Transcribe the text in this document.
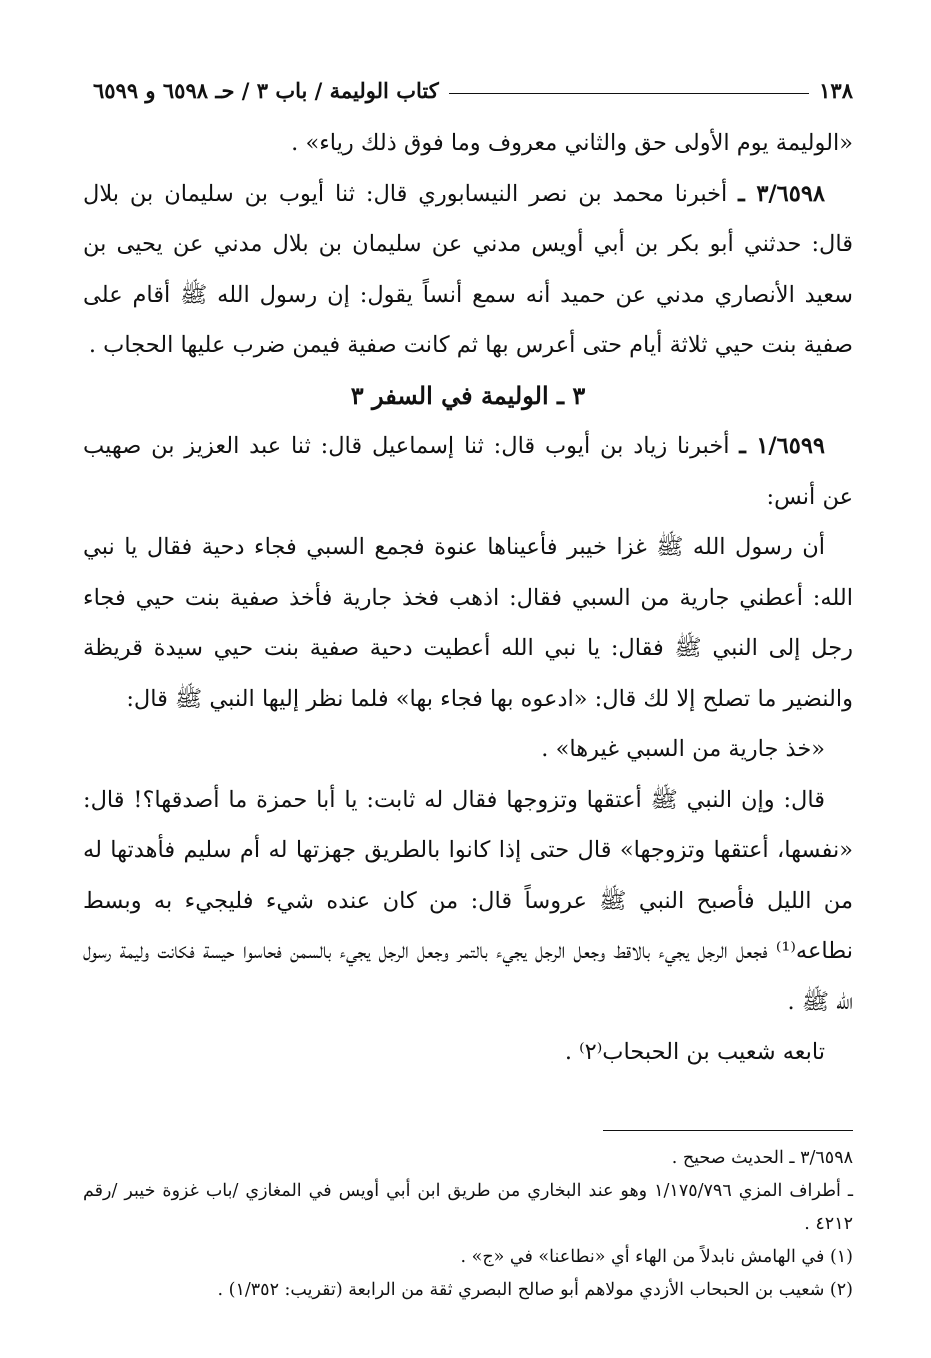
١٣٨
كتاب الوليمة / باب ٣ / حـ ٦٥٩٨ و ٦٥٩٩

«الوليمة يوم الأولى حق والثاني معروف وما فوق ذلك رياء» .

٣/٦٥٩٨ ـ أخبرنا محمد بن نصر النيسابوري قال: ثنا أيوب بن سليمان بن بلال قال: حدثني أبو بكر بن أبي أويس مدني عن سليمان بن بلال مدني عن يحيى بن سعيد الأنصاري مدني عن حميد أنه سمع أنساً يقول: إن رسول الله ﷺ أقام على صفية بنت حيي ثلاثة أيام حتى أعرس بها ثم كانت صفية فيمن ضرب عليها الحجاب .

٣ ـ الوليمة في السفر ٣

١/٦٥٩٩ ـ أخبرنا زياد بن أيوب قال: ثنا إسماعيل قال: ثنا عبد العزيز بن صهيب عن أنس:

أن رسول الله ﷺ غزا خيبر فأعيناها عنوة فجمع السبي فجاء دحية فقال يا نبي الله: أعطني جارية من السبي فقال: اذهب فخذ جارية فأخذ صفية بنت حيي فجاء رجل إلى النبي ﷺ فقال: يا نبي الله أعطيت دحية صفية بنت حيي سيدة قريظة والنضير ما تصلح إلا لك قال: «ادعوه بها فجاء بها» فلما نظر إليها النبي ﷺ قال:

«خذ جارية من السبي غيرها» .

قال: وإن النبي ﷺ أعتقها وتزوجها فقال له ثابت: يا أبا حمزة ما أصدقها؟! قال: «نفسها، أعتقها وتزوجها» قال حتى إذا كانوا بالطريق جهزتها له أم سليم فأهدتها له من الليل فأصبح النبي ﷺ عروساً قال: من كان عنده شيء فليجيء به وبسط نطاعه⁽¹⁾ فجعل الرجل يجيء بالاقط وجعل الرجل يجيء بالتمر وجعل الرجل يجيء بالسمن فحاسوا حيسة فكانت وليمة رسول الله ﷺ .

تابعه شعيب بن الحبحاب⁽٢⁾ .

٣/٦٥٩٨ ـ الحديث صحيح .

ـ أطراف المزي ١/١٧٥/٧٩٦ وهو عند البخاري من طريق ابن أبي أويس في المغازي /باب غزوة خيبر /رقم ٤٢١٢ .

(١) في الهامش نابدلاً من الهاء أي «نطاعنا» في «ج» .

(٢) شعيب بن الحبحاب الأزدي مولاهم أبو صالح البصري ثقة من الرابعة (تقريب: ١/٣٥٢) .
